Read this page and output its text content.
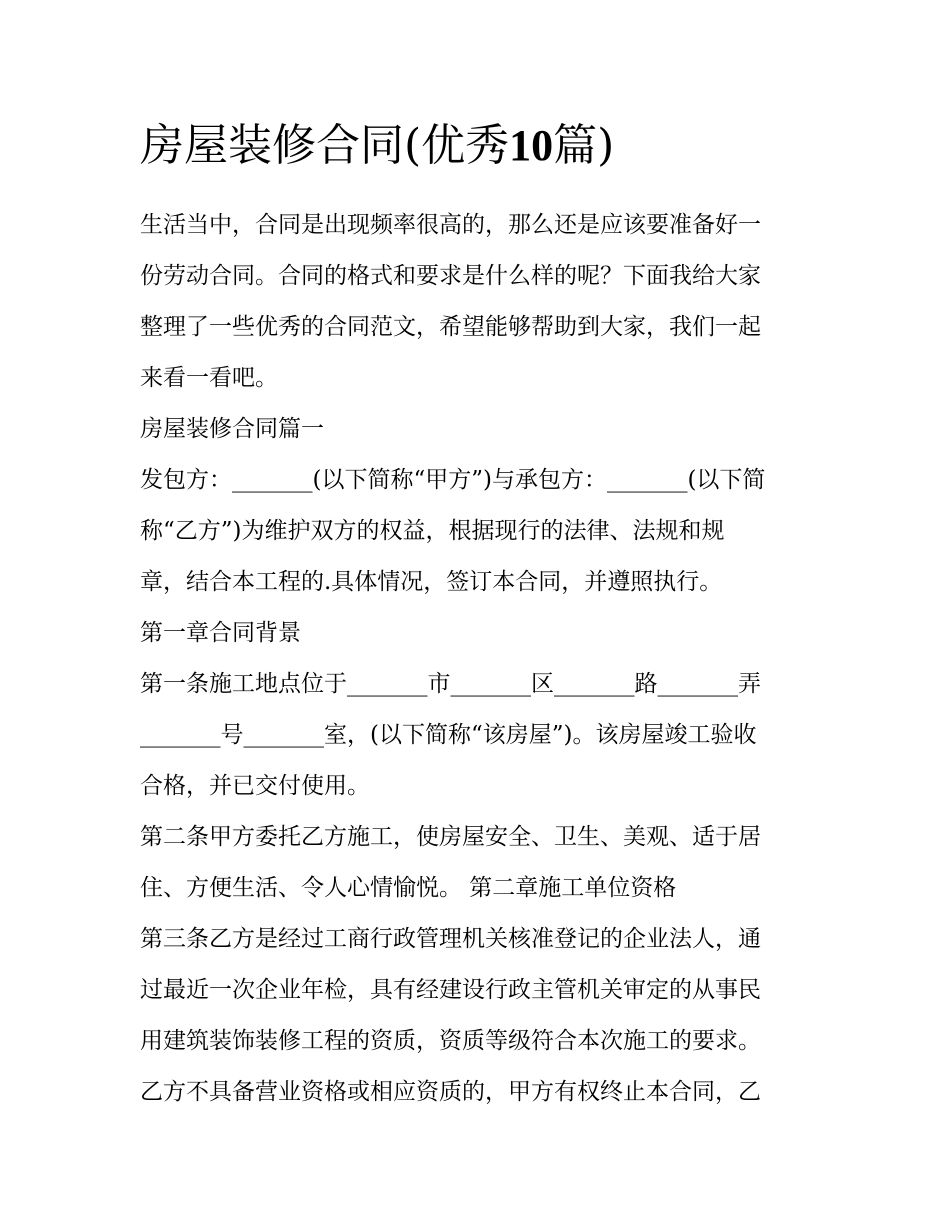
房屋装修合同(优秀10篇)
生活当中，合同是出现频率很高的，那么还是应该要准备好一
份劳动合同。合同的格式和要求是什么样的呢？下面我给大家
整理了一些优秀的合同范文，希望能够帮助到大家，我们一起
来看一看吧。
房屋装修合同篇一
发包方：_______(以下简称“甲方”)与承包方：_______(以下简
称“乙方”)为维护双方的权益，根据现行的法律、法规和规
章，结合本工程的.具体情况，签订本合同，并遵照执行。
第一章合同背景
第一条施工地点位于_______市_______区_______路_______弄
_______号_______室，(以下简称“该房屋”)。该房屋竣工验收
合格，并已交付使用。
第二条甲方委托乙方施工，使房屋安全、卫生、美观、适于居
住、方便生活、令人心情愉悦。 第二章施工单位资格
第三条乙方是经过工商行政管理机关核准登记的企业法人，通
过最近一次企业年检，具有经建设行政主管机关审定的从事民
用建筑装饰装修工程的资质，资质等级符合本次施工的要求。
乙方不具备营业资格或相应资质的，甲方有权终止本合同，乙
